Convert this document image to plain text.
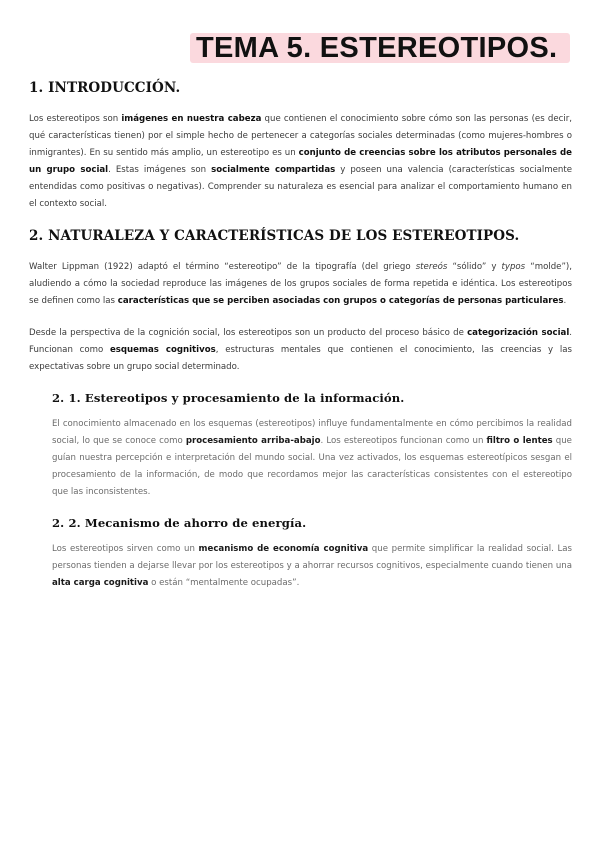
TEMA 5. ESTEREOTIPOS.
1. INTRODUCCIÓN.

Los estereotipos son imágenes en nuestra cabeza que contienen el conocimiento sobre cómo son las personas (es decir, qué características tienen) por el simple hecho de pertenecer a categorías sociales determinadas (como mujeres-hombres o inmigrantes). En su sentido más amplio, un estereotipo es un conjunto de creencias sobre los atributos personales de un grupo social. Estas imágenes son socialmente compartidas y poseen una valencia (características socialmente entendidas como positivas o negativas). Comprender su naturaleza es esencial para analizar el comportamiento humano en el contexto social.

2. NATURALEZA Y CARACTERÍSTICAS DE LOS ESTEREOTIPOS.

Walter Lippman (1922) adaptó el término “estereotipo” de la tipografía (del griego stereós “sólido” y typos “molde”), aludiendo a cómo la sociedad reproduce las imágenes de los grupos sociales de forma repetida e idéntica. Los estereotipos se definen como las características que se perciben asociadas con grupos o categorías de personas particulares.

Desde la perspectiva de la cognición social, los estereotipos son un producto del proceso básico de categorización social. Funcionan como esquemas cognitivos, estructuras mentales que contienen el conocimiento, las creencias y las expectativas sobre un grupo social determinado.

2. 1. Estereotipos y procesamiento de la información.

El conocimiento almacenado en los esquemas (estereotipos) influye fundamentalmente en cómo percibimos la realidad social, lo que se conoce como procesamiento arriba-abajo. Los estereotipos funcionan como un filtro o lentes que guían nuestra percepción e interpretación del mundo social. Una vez activados, los esquemas estereotípicos sesgan el procesamiento de la información, de modo que recordamos mejor las características consistentes con el estereotipo que las inconsistentes.

2. 2. Mecanismo de ahorro de energía.

Los estereotipos sirven como un mecanismo de economía cognitiva que permite simplificar la realidad social. Las personas tienden a dejarse llevar por los estereotipos y a ahorrar recursos cognitivos, especialmente cuando tienen una alta carga cognitiva o están “mentalmente ocupadas”.
